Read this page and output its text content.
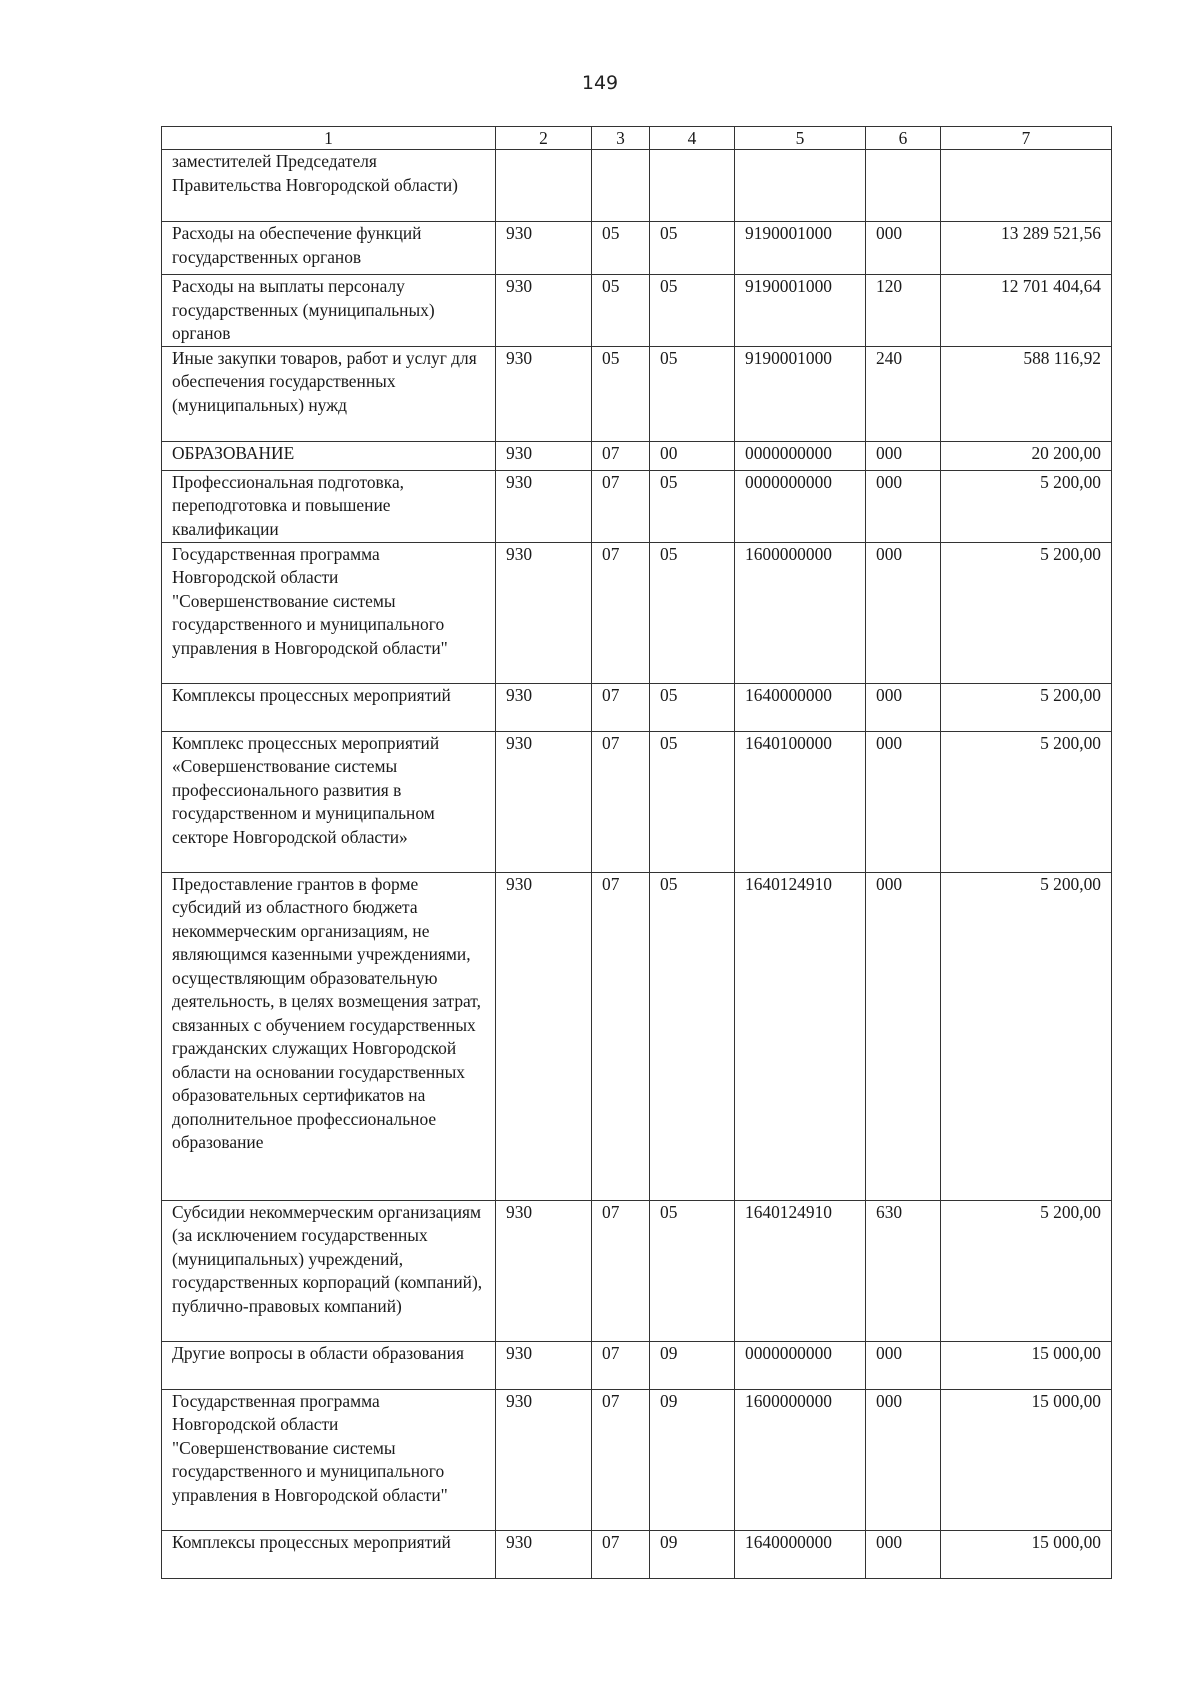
149
1	2	3	4	5	6	7
заместителей Председателя Правительства Новгородской области)						
Расходы на обеспечение функций государственных органов	930	05	05	9190001000	000	13 289 521,56
Расходы на выплаты персоналу государственных (муниципальных) органов	930	05	05	9190001000	120	12 701 404,64
Иные закупки товаров, работ и услуг для обеспечения государственных (муниципальных) нужд	930	05	05	9190001000	240	588 116,92
ОБРАЗОВАНИЕ	930	07	00	0000000000	000	20 200,00
Профессиональная подготовка, переподготовка и повышение квалификации	930	07	05	0000000000	000	5 200,00
Государственная программа Новгородской области "Совершенствование системы государственного и муниципального управления в Новгородской области"	930	07	05	1600000000	000	5 200,00
Комплексы процессных мероприятий	930	07	05	1640000000	000	5 200,00
Комплекс процессных мероприятий «Совершенствование системы профессионального развития в государственном и муниципальном секторе Новгородской области»	930	07	05	1640100000	000	5 200,00
Предоставление грантов в форме субсидий из областного бюджета некоммерческим организациям, не являющимся казенными учреждениями, осуществляющим образовательную деятельность, в целях возмещения затрат, связанных с обучением государственных гражданских служащих Новгородской области на основании государственных образовательных сертификатов на дополнительное профессиональное образование	930	07	05	1640124910	000	5 200,00
Субсидии некоммерческим организациям (за исключением государственных (муниципальных) учреждений, государственных корпораций (компаний), публично-правовых компаний)	930	07	05	1640124910	630	5 200,00
Другие вопросы в области образования	930	07	09	0000000000	000	15 000,00
Государственная программа Новгородской области "Совершенствование системы государственного и муниципального управления в Новгородской области"	930	07	09	1600000000	000	15 000,00
Комплексы процессных мероприятий	930	07	09	1640000000	000	15 000,00
